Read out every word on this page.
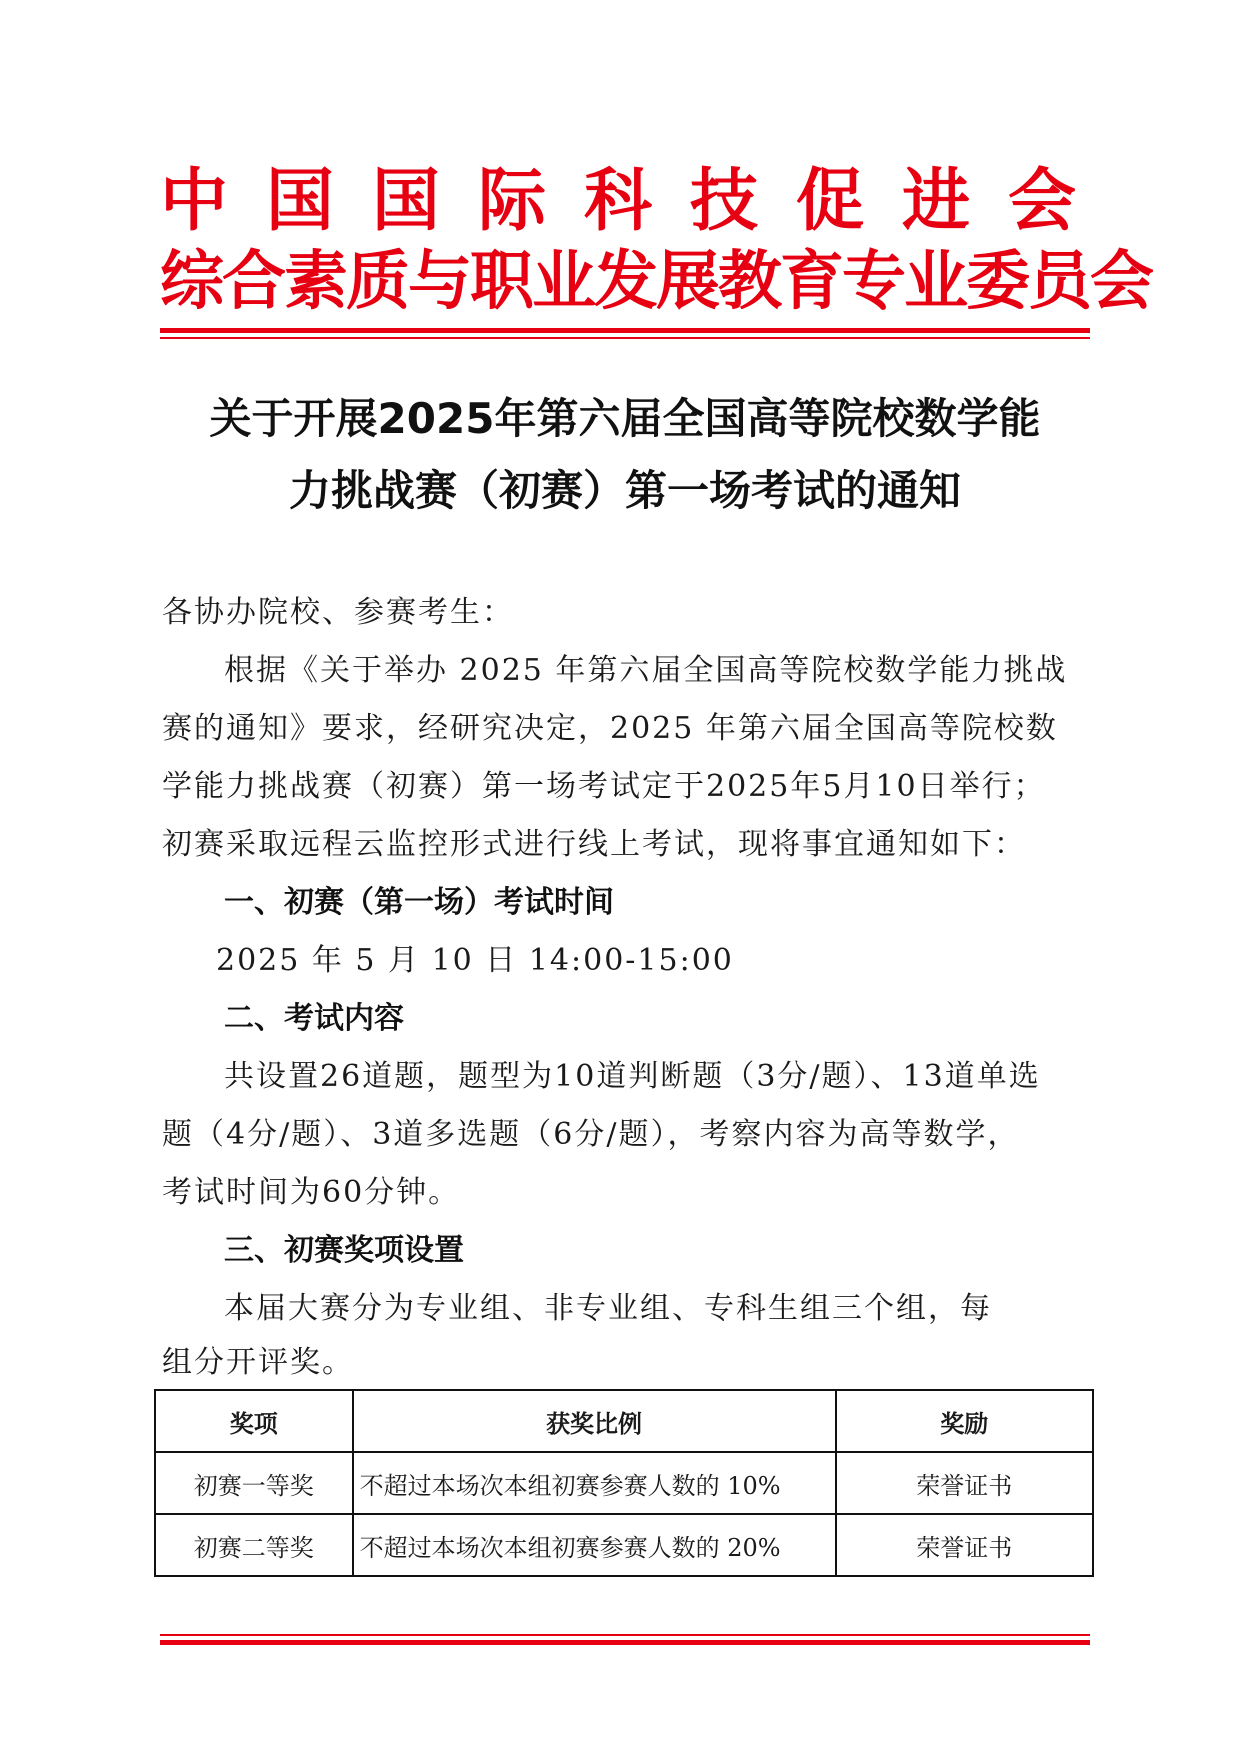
中国国际科技促进会
综合素质与职业发展教育专业委员会
关于开展2025年第六届全国高等院校数学能
力挑战赛（初赛）第一场考试的通知
各协办院校、参赛考生：
根据《关于举办 2025 年第六届全国高等院校数学能力挑战
赛的通知》要求，经研究决定，2025 年第六届全国高等院校数
学能力挑战赛（初赛）第一场考试定于2025年5月10日举行；
初赛采取远程云监控形式进行线上考试，现将事宜通知如下：
一、初赛（第一场）考试时间
2025 年 5 月 10 日 14:00-15:00
二、考试内容
共设置26道题，题型为10道判断题（3分/题）、13道单选
题（4分/题）、3道多选题（6分/题），考察内容为高等数学，
考试时间为60分钟。
三、初赛奖项设置
本届大赛分为专业组、非专业组、专科生组三个组，每
组分开评奖。
奖项	获奖比例	奖励
初赛一等奖	不超过本场次本组初赛参赛人数的 10%	荣誉证书
初赛二等奖	不超过本场次本组初赛参赛人数的 20%	荣誉证书
